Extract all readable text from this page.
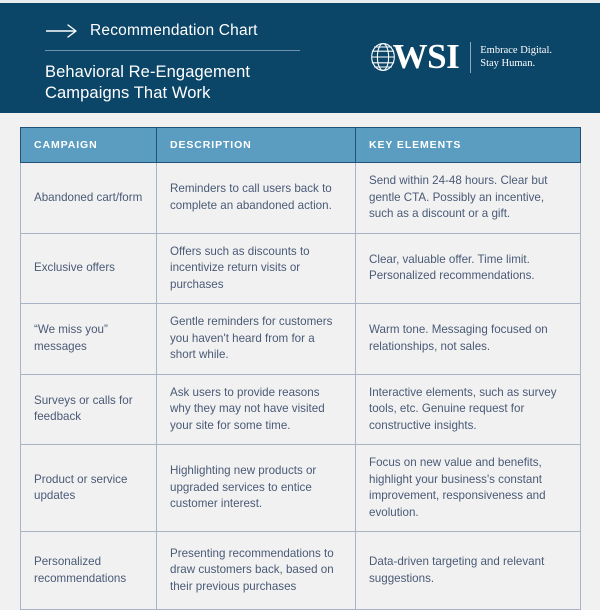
Recommendation Chart
Behavioral Re-Engagement
Campaigns That Work
WSI Embrace Digital.
Stay Human.
CAMPAIGN	DESCRIPTION	KEY ELEMENTS
Abandoned cart/form	Reminders to call users back to complete an abandoned action.	Send within 24-48 hours. Clear but gentle CTA. Possibly an incentive, such as a discount or a gift.
Exclusive offers	Offers such as discounts to incentivize return visits or purchases	Clear, valuable offer. Time limit. Personalized recommendations.
“We miss you” messages	Gentle reminders for customers you haven't heard from for a short while.	Warm tone. Messaging focused on relationships, not sales.
Surveys or calls for feedback	Ask users to provide reasons why they may not have visited your site for some time.	Interactive elements, such as survey tools, etc. Genuine request for constructive insights.
Product or service updates	Highlighting new products or upgraded services to entice customer interest.	Focus on new value and benefits, highlight your business's constant improvement, responsiveness and evolution.
Personalized recommendations	Presenting recommendations to draw customers back, based on their previous purchases	Data-driven targeting and relevant suggestions.
